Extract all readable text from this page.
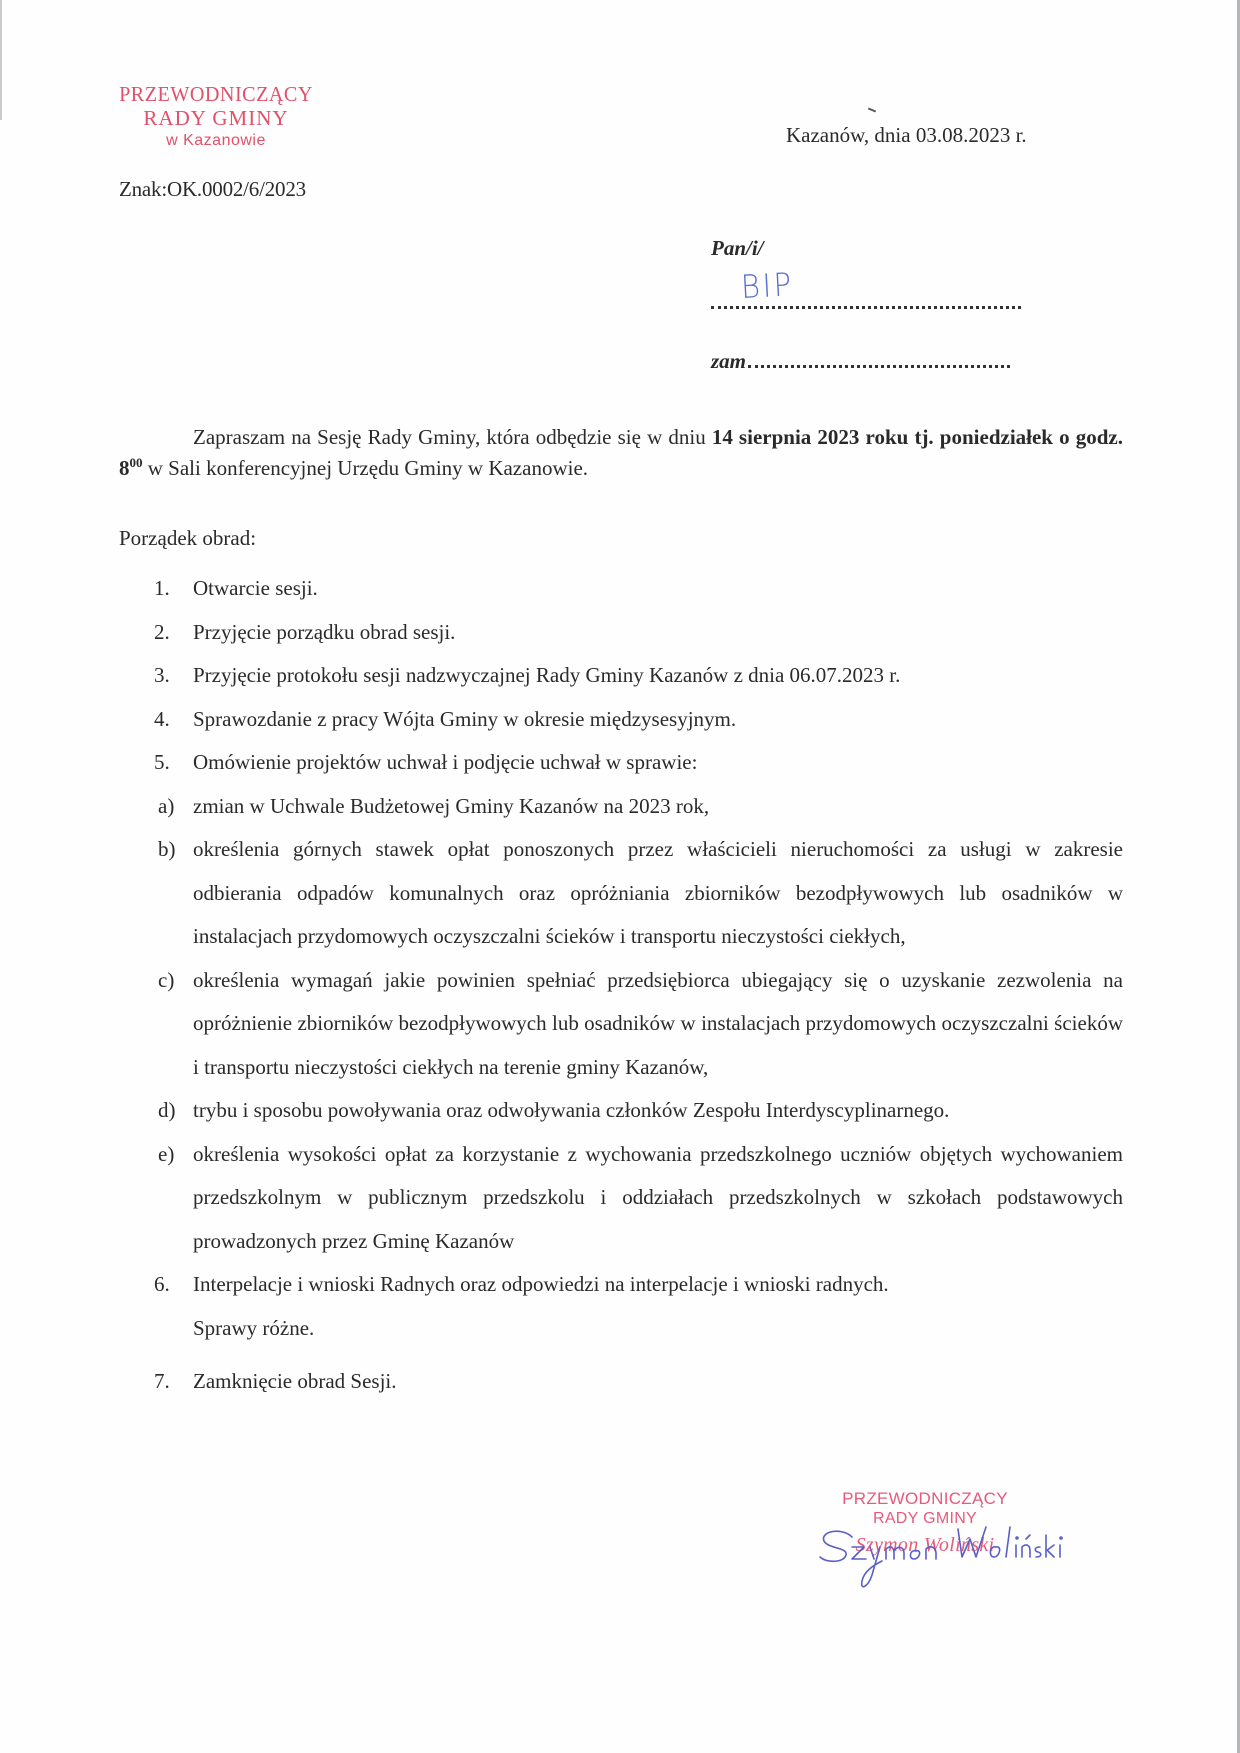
PRZEWODNICZĄCY
RADY GMINY
w Kazanowie
Znak:OK.0002/6/2023
Kazanów, dnia 03.08.2023 r.
Pan/i/
BIP
zam
Zapraszam na Sesję Rady Gminy, która odbędzie się w dniu 14 sierpnia 2023 roku tj. poniedziałek o godz. $8^{00}$ w Sali konferencyjnej Urzędu Gminy w Kazanowie.
Porządek obrad:
1.	Otwarcie sesji.
2.	Przyjęcie porządku obrad sesji.
3.	Przyjęcie protokołu sesji nadzwyczajnej Rady Gminy Kazanów z dnia 06.07.2023 r.
4.	Sprawozdanie z pracy Wójta Gminy w okresie międzysesyjnym.
5.	Omówienie projektów uchwał i podjęcie uchwał w sprawie:
a) zmian w Uchwale Budżetowej Gminy Kazanów na 2023 rok,
b) określenia górnych stawek opłat ponoszonych przez właścicieli nieruchomości za usługi w zakresie odbierania odpadów komunalnych oraz opróżniania zbiorników bezodpływowych lub osadników w instalacjach przydomowych oczyszczalni ścieków i transportu nieczystości ciekłych,
c) określenia wymagań jakie powinien spełniać przedsiębiorca ubiegający się o uzyskanie zezwolenia na opróżnienie zbiorników bezodpływowych lub osadników w instalacjach przydomowych oczyszczalni ścieków i transportu nieczystości ciekłych na terenie gminy Kazanów,
d) trybu i sposobu powoływania oraz odwoływania członków Zespołu Interdyscyplinarnego.
e) określenia wysokości opłat za korzystanie z wychowania przedszkolnego uczniów objętych wychowaniem przedszkolnym w publicznym przedszkolu i oddziałach przedszkolnych w szkołach podstawowych prowadzonych przez Gminę Kazanów
6.	Interpelacje i wnioski Radnych oraz odpowiedzi na interpelacje i wnioski radnych.
Sprawy różne.
7.	Zamknięcie obrad Sesji.
PRZEWODNICZĄCY
RADY GMINY
Szymon Woliński
